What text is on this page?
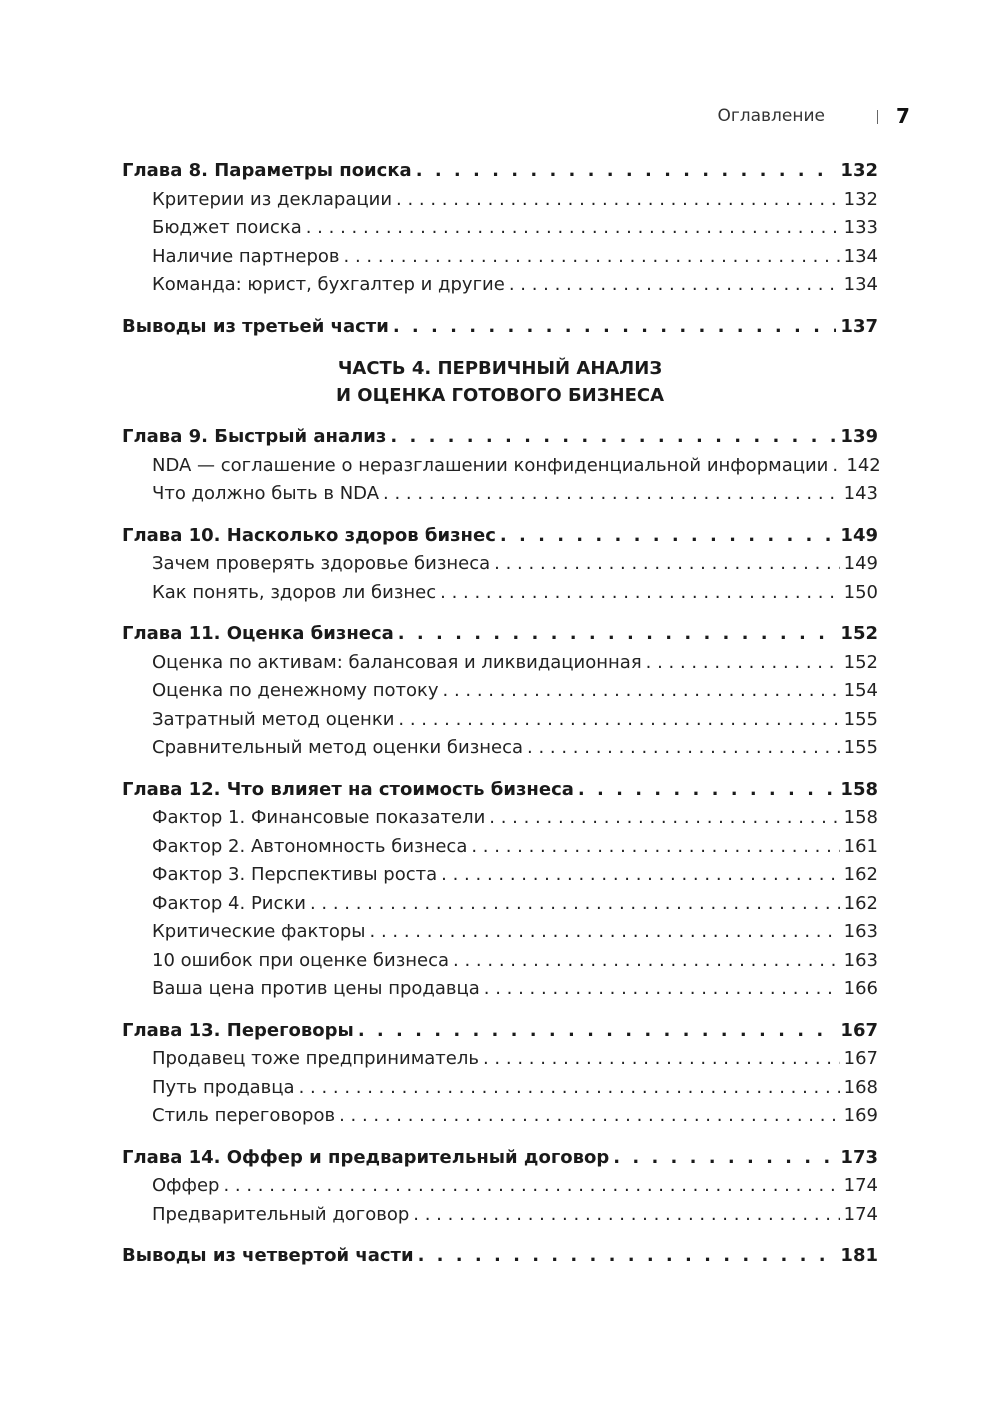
Оглавление	7
Глава 8. Параметры поиска . . .	132
Критерии из декларации . . .	132
Бюджет поиска . . .	133
Наличие партнеров . . .	134
Команда: юрист, бухгалтер и другие . . .	134
Выводы из третьей части . . .	137
ЧАСТЬ 4. ПЕРВИЧНЫЙ АНАЛИЗ
И ОЦЕНКА ГОТОВОГО БИЗНЕСА
Глава 9. Быстрый анализ . . .	139
NDA — соглашение о неразглашении конфиденциальной информации . . . 142
Что должно быть в NDA . . .	143
Глава 10. Насколько здоров бизнес . . .	149
Зачем проверять здоровье бизнеса . . .	149
Как понять, здоров ли бизнес . . .	150
Глава 11. Оценка бизнеса . . .	152
Оценка по активам: балансовая и ликвидационная . . .	152
Оценка по денежному потоку . . .	154
Затратный метод оценки . . .	155
Сравнительный метод оценки бизнеса . . .	155
Глава 12. Что влияет на стоимость бизнеса . . .	158
Фактор 1. Финансовые показатели . . .	158
Фактор 2. Автономность бизнеса . . .	161
Фактор 3. Перспективы роста . . .	162
Фактор 4. Риски . . .	162
Критические факторы . . .	163
10 ошибок при оценке бизнеса . . .	163
Ваша цена против цены продавца . . .	166
Глава 13. Переговоры . . .	167
Продавец тоже предприниматель . . .	167
Путь продавца . . .	168
Стиль переговоров . . .	169
Глава 14. Оффер и предварительный договор . . .	173
Оффер . . .	174
Предварительный договор . . .	174
Выводы из четвертой части . . .	181
